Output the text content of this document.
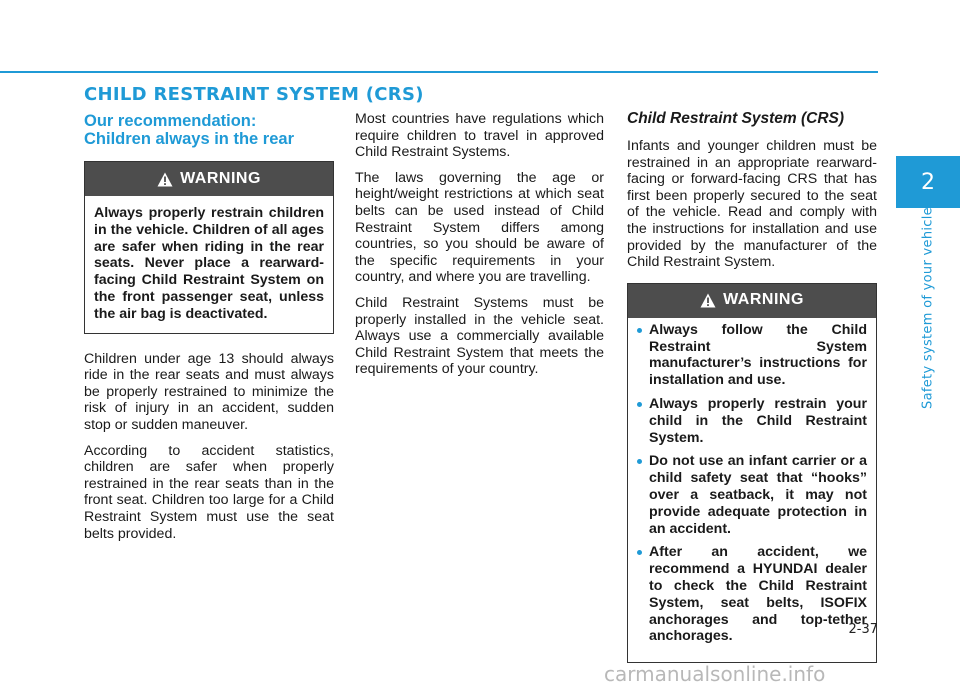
CHILD RESTRAINT SYSTEM (CRS)
Our recommendation:
Children always in the rear
WARNING
Always properly restrain children in the vehicle. Children of all ages are safer when riding in the rear seats. Never place a rearward-facing Child Restraint System on the front passenger seat, unless the air bag is deactivated.

Children under age 13 should always ride in the rear seats and must always be properly restrained to minimize the risk of injury in an accident, sudden stop or sudden maneuver.

According to accident statistics, children are safer when properly restrained in the rear seats than in the front seat. Children too large for a Child Restraint System must use the seat belts provided.

Most countries have regulations which require children to travel in approved Child Restraint Systems.

The laws governing the age or height/weight restrictions at which seat belts can be used instead of Child Restraint System differs among countries, so you should be aware of the specific requirements in your country, and where you are travelling.

Child Restraint Systems must be properly installed in the vehicle seat. Always use a commercially available Child Restraint System that meets the requirements of your country.

Child Restraint System (CRS)

Infants and younger children must be restrained in an appropriate rearward-facing or forward-facing CRS that has first been properly secured to the seat of the vehicle. Read and comply with the instructions for installation and use provided by the manufacturer of the Child Restraint System.

WARNING
Always follow the Child Restraint System manufacturer’s instructions for installation and use.
Always properly restrain your child in the Child Restraint System.
Do not use an infant carrier or a child safety seat that “hooks” over a seatback, it may not provide adequate protection in an accident.
After an accident, we recommend a HYUNDAI dealer to check the Child Restraint System, seat belts, ISOFIX anchorages and top-tether anchorages.
2
Safety system of your vehicle
2-37
carmanualsonline.info
